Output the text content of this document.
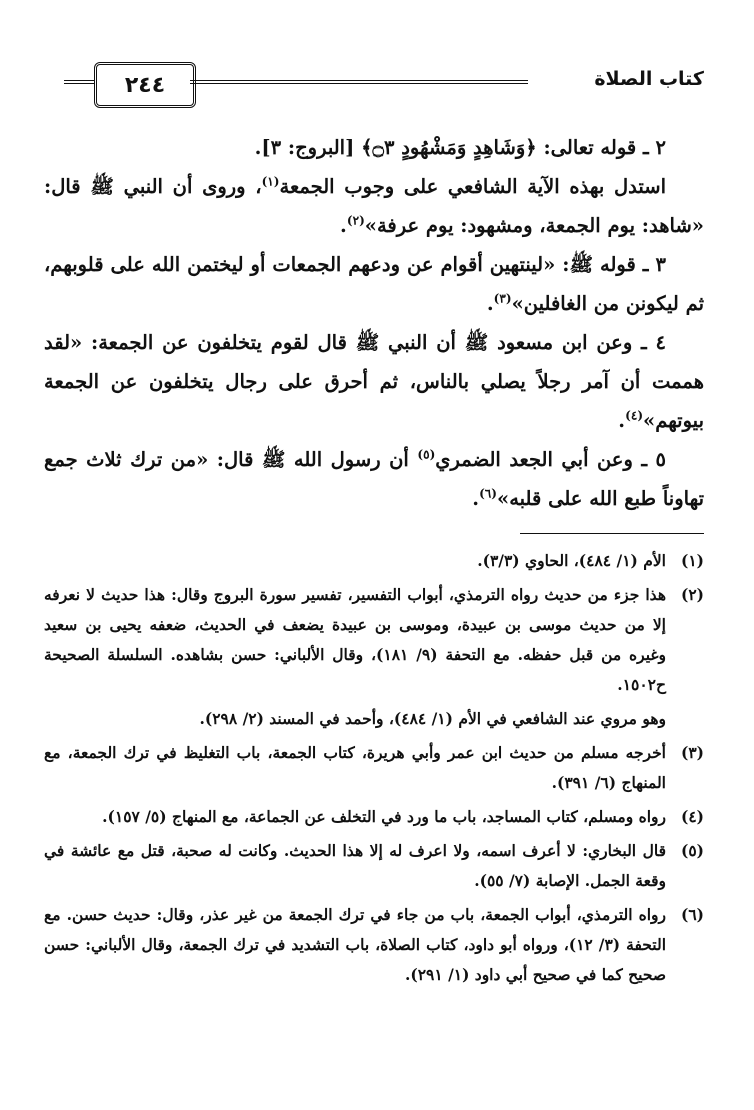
كتاب الصلاة
٢٤٤

٢ ـ قوله تعالى: ﴿وَشَاهِدٍ وَمَشْهُودٍ ۝٣﴾ [البروج: ٣].

استدل بهذه الآية الشافعي على وجوب الجمعة$^{(١)}$، وروى أن النبي ﷺ قال: «شاهد: يوم الجمعة، ومشهود: يوم عرفة»$^{(٢)}$.

٣ ـ قوله ﷺ: «لينتهين أقوام عن ودعهم الجمعات أو ليختمن الله على قلوبهم، ثم ليكونن من الغافلين»$^{(٣)}$.

٤ ـ وعن ابن مسعود ﷺ أن النبي ﷺ قال لقوم يتخلفون عن الجمعة: «لقد هممت أن آمر رجلاً يصلي بالناس، ثم أحرق على رجال يتخلفون عن الجمعة بيوتهم»$^{(٤)}$.

٥ ـ وعن أبي الجعد الضمري$^{(٥)}$ أن رسول الله ﷺ قال: «من ترك ثلاث جمع تهاوناً طبع الله على قلبه»$^{(٦)}$.

(١)
الأم (١/ ٤٨٤)، الحاوي (٣/٣).
(٢)
هذا جزء من حديث رواه الترمذي، أبواب التفسير، تفسير سورة البروج وقال: هذا حديث لا نعرفه إلا من حديث موسى بن عبيدة، وموسى بن عبيدة يضعف في الحديث، ضعفه يحيى بن سعيد وغيره من قبل حفظه. مع التحفة (٩/ ١٨١)، وقال الألباني: حسن بشاهده. السلسلة الصحيحة ح١٥٠٢.
وهو مروي عند الشافعي في الأم (١/ ٤٨٤)، وأحمد في المسند (٢/ ٢٩٨).
(٣)
أخرجه مسلم من حديث ابن عمر وأبي هريرة، كتاب الجمعة، باب التغليظ في ترك الجمعة، مع المنهاج (٦/ ٣٩١).
(٤)
رواه ومسلم، كتاب المساجد، باب ما ورد في التخلف عن الجماعة، مع المنهاج (٥/ ١٥٧).
(٥)
قال البخاري: لا أعرف اسمه، ولا اعرف له إلا هذا الحديث. وكانت له صحبة، قتل مع عائشة في وقعة الجمل. الإصابة (٧/ ٥٥).
(٦)
رواه الترمذي، أبواب الجمعة، باب من جاء في ترك الجمعة من غير عذر، وقال: حديث حسن. مع التحفة (٣/ ١٢)، ورواه أبو داود، كتاب الصلاة، باب التشديد في ترك الجمعة، وقال الألباني: حسن صحيح كما في صحيح أبي داود (١/ ٢٩١).
